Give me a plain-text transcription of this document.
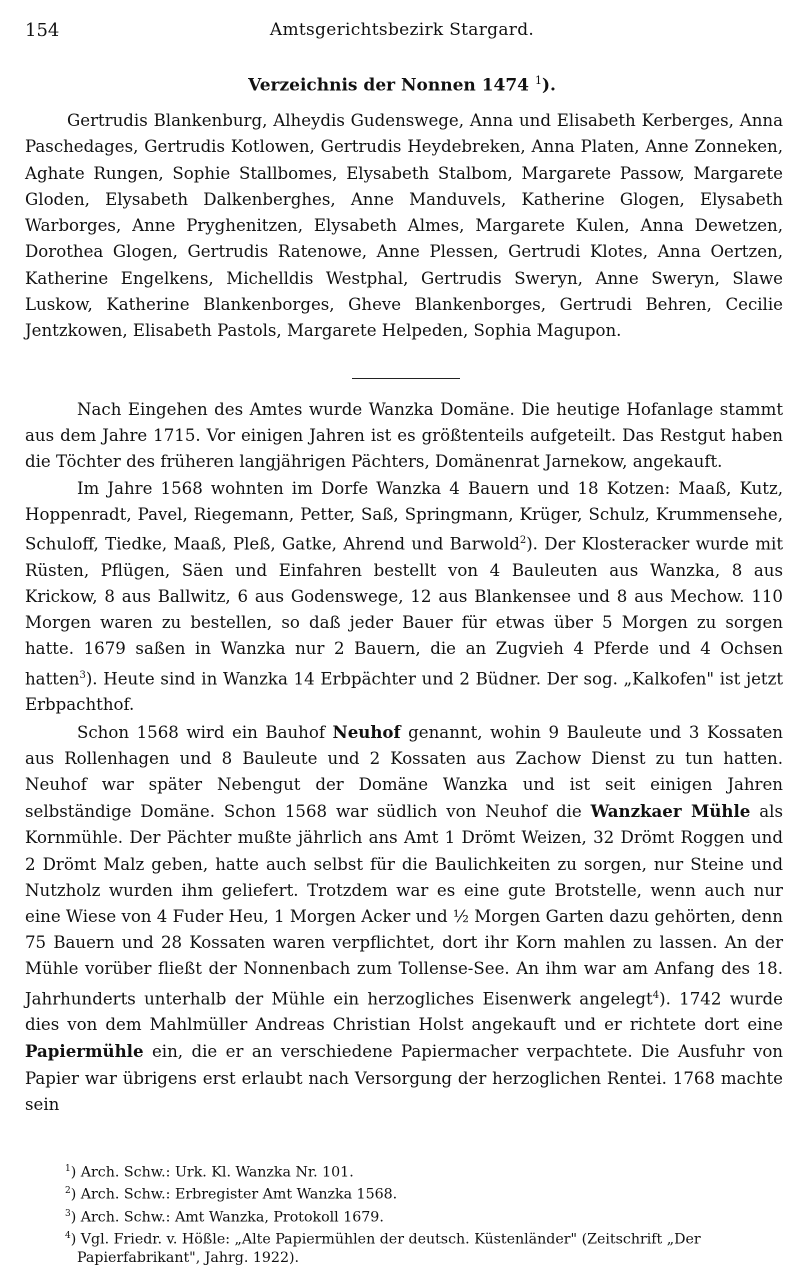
154	Amtsgerichtsbezirk Stargard.
Verzeichnis der Nonnen 1474 $^1$).

Gertrudis Blankenburg, Alheydis Gudenswege, Anna und Elisabeth Kerberges, Anna Paschedages, Gertrudis Kotlowen, Gertrudis Heydebreken, Anna Platen, Anne Zonneken, Aghate Rungen, Sophie Stallbomes, Elysabeth Stalbom, Margarete Passow, Margarete Gloden, Elysabeth Dalkenberghes, Anne Manduvels, Katherine Glogen, Elysabeth Warborges, Anne Pryghenitzen, Elysabeth Almes, Margarete Kulen, Anna Dewetzen, Dorothea Glogen, Gertrudis Ratenowe, Anne Plessen, Gertrudi Klotes, Anna Oertzen, Katherine Engelkens, Michelldis Westphal, Gertrudis Sweryn, Anne Sweryn, Slawe Luskow, Katherine Blankenborges, Gheve Blankenborges, Gertrudi Behren, Cecilie Jentzkowen, Elisabeth Pastols, Margarete Helpeden, Sophia Magupon.

Nach Eingehen des Amtes wurde Wanzka Domäne. Die heutige Hofanlage stammt aus dem Jahre 1715. Vor einigen Jahren ist es größtenteils aufgeteilt. Das Restgut haben die Töchter des früheren langjährigen Pächters, Domänenrat Jarnekow, angekauft.

Im Jahre 1568 wohnten im Dorfe Wanzka 4 Bauern und 18 Kotzen: Maaß, Kutz, Hoppenradt, Pavel, Riegemann, Petter, Saß, Springmann, Krüger, Schulz, Krummensehe, Schuloff, Tiedke, Maaß, Pleß, Gatke, Ahrend und Barwold$^2$). Der Klosteracker wurde mit Rüsten, Pflügen, Säen und Einfahren bestellt von 4 Bauleuten aus Wanzka, 8 aus Krickow, 8 aus Ballwitz, 6 aus Godenswege, 12 aus Blankensee und 8 aus Mechow. 110 Morgen waren zu bestellen, so daß jeder Bauer für etwas über 5 Morgen zu sorgen hatte. 1679 saßen in Wanzka nur 2 Bauern, die an Zugvieh 4 Pferde und 4 Ochsen hatten$^3$). Heute sind in Wanzka 14 Erbpächter und 2 Büdner. Der sog. „Kalkofen" ist jetzt Erbpachthof.

Schon 1568 wird ein Bauhof Neuhof genannt, wohin 9 Bauleute und 3 Kossaten aus Rollenhagen und 8 Bauleute und 2 Kossaten aus Zachow Dienst zu tun hatten. Neuhof war später Nebengut der Domäne Wanzka und ist seit einigen Jahren selbständige Domäne. Schon 1568 war südlich von Neuhof die Wanzkaer Mühle als Kornmühle. Der Pächter mußte jährlich ans Amt 1 Drömt Weizen, 32 Drömt Roggen und 2 Drömt Malz geben, hatte auch selbst für die Baulichkeiten zu sorgen, nur Steine und Nutzholz wurden ihm geliefert. Trotzdem war es eine gute Brotstelle, wenn auch nur eine Wiese von 4 Fuder Heu, 1 Morgen Acker und ½ Morgen Garten dazu gehörten, denn 75 Bauern und 28 Kossaten waren verpflichtet, dort ihr Korn mahlen zu lassen. An der Mühle vorüber fließt der Nonnenbach zum Tollense-See. An ihm war am Anfang des 18. Jahrhunderts unterhalb der Mühle ein herzogliches Eisenwerk angelegt$^4$). 1742 wurde dies von dem Mahlmüller Andreas Christian Holst angekauft und er richtete dort eine Papiermühle ein, die er an verschiedene Papiermacher verpachtete. Die Ausfuhr von Papier war übrigens erst erlaubt nach Versorgung der herzoglichen Rentei. 1768 machte sein

$^1$) Arch. Schw.: Urk. Kl. Wanzka Nr. 101.
$^2$) Arch. Schw.: Erbregister Amt Wanzka 1568.
$^3$) Arch. Schw.: Amt Wanzka, Protokoll 1679.
$^4$) Vgl. Friedr. v. Hößle: „Alte Papiermühlen der deutsch. Küstenländer" (Zeitschrift „Der Papierfabrikant", Jahrg. 1922).
